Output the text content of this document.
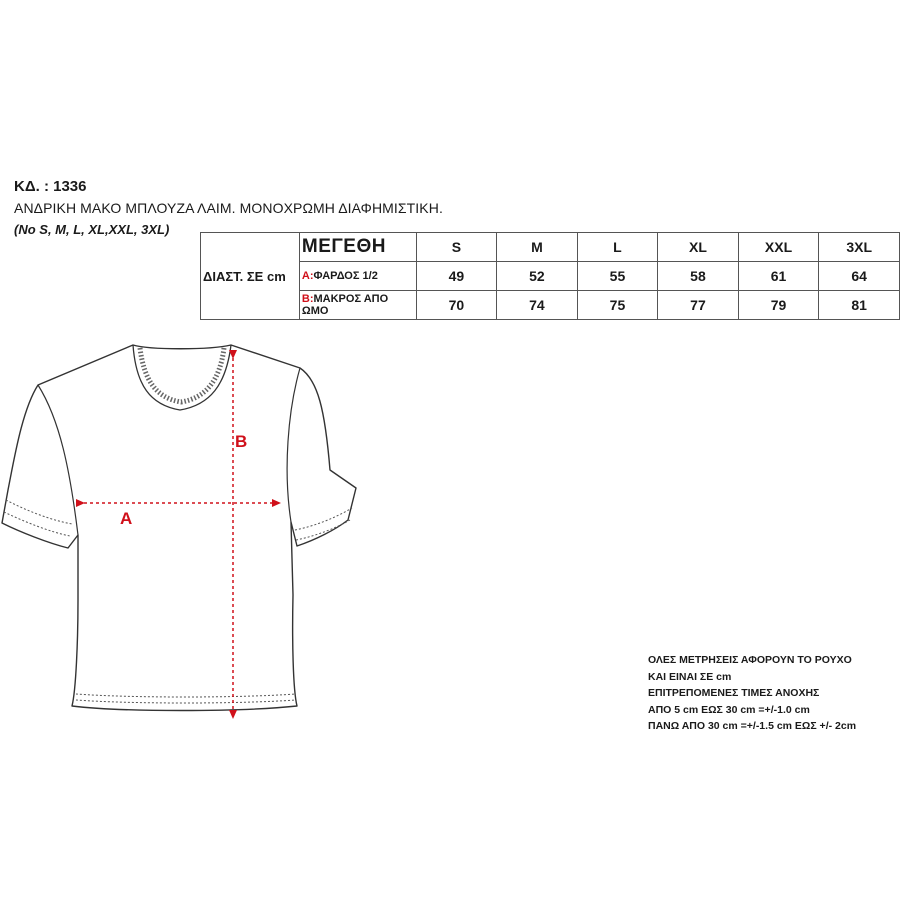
ΚΔ. : 1336
ΑΝΔΡΙΚΗ ΜΑΚΟ ΜΠΛΟΥΖΑ ΛΑΙΜ. ΜΟΝΟΧΡΩΜΗ ΔΙΑΦΗΜΙΣΤΙΚΗ.
(No S, M, L, XL,XXL, 3XL)
ΔΙΑΣΤ. ΣΕ cm	ΜΕΓΕΘΗ	S	M	L	XL	XXL	3XL
	A:ΦΑΡΔΟΣ 1/2	49	52	55	58	61	64
	B:ΜΑΚΡΟΣ ΑΠΟ ΩΜΟ	70	74	75	77	79	81
A
B
ΟΛΕΣ ΜΕΤΡΗΣΕΙΣ ΑΦΟΡΟΥΝ ΤΟ ΡΟΥΧΟ
ΚΑΙ ΕΙΝΑΙ ΣΕ cm
ΕΠΙΤΡΕΠΟΜΕΝΕΣ ΤΙΜΕΣ ΑΝΟΧΗΣ
ΑΠΟ 5 cm ΕΩΣ 30 cm =+/-1.0 cm
ΠΑΝΩ ΑΠΟ 30 cm =+/-1.5 cm ΕΩΣ +/- 2cm
